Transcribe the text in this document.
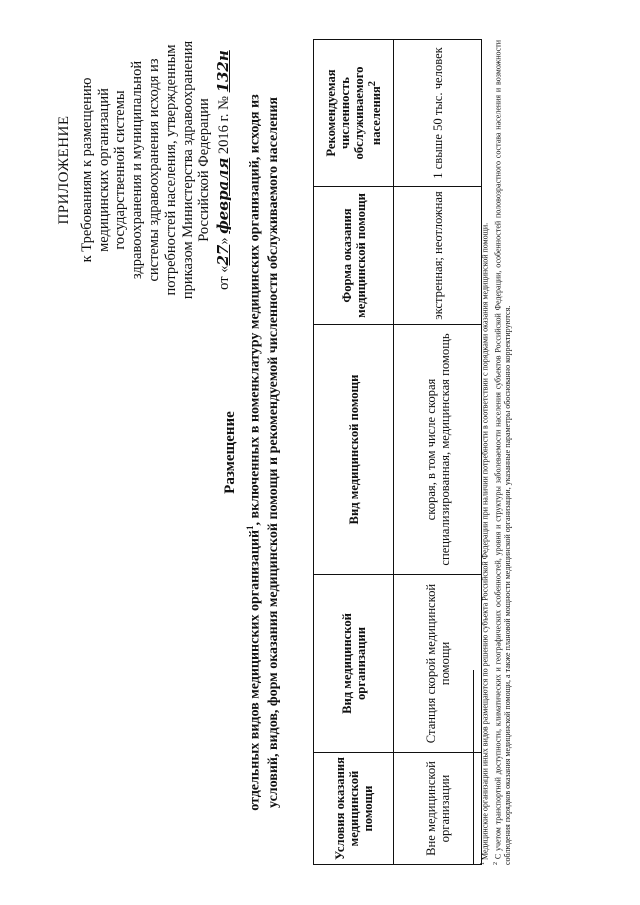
ПРИЛОЖЕНИЕ к Требованиям к размещению медицинских организаций государственной системы здравоохранения и муниципальной системы здравоохранения исходя из потребностей населения, утвержденным приказом Министерства здравоохранения Российской Федерации
от «27» февраля 2016 г. № 132н
Размещение
отдельных видов медицинских организаций$^1$, включенных в номенклатуру медицинских организаций, исходя из условий, видов, форм оказания медицинской помощи и рекомендуемой численности обслуживаемого населения
Условия оказания медицинской помощи	Вид медицинской организации	Вид медицинской помощи	Форма оказания медицинской помощи	Рекомендуемая численность обслуживаемого населения$^2$
Вне медицинской организации	Станция скорой медицинской помощи	скорая, в том числе скорая специализированная, медицинская помощь	экстренная; неотложная	1 свыше 50 тыс. человек

$^1$ Медицинские организации иных видов размещаются по решению субъекта Российской Федерации при наличии потребности в соответствии с порядками оказания медицинской помощи.

$^2$ С учетом транспортной доступности, климатических и географических особенностей, уровня и структуры заболеваемости населения субъектов Российской Федерации, особенностей половозрастного состава населения и возможности соблюдения порядков оказания медицинской помощи, а также плановой мощности медицинской организации, указанные параметры обоснованно корректируются.
